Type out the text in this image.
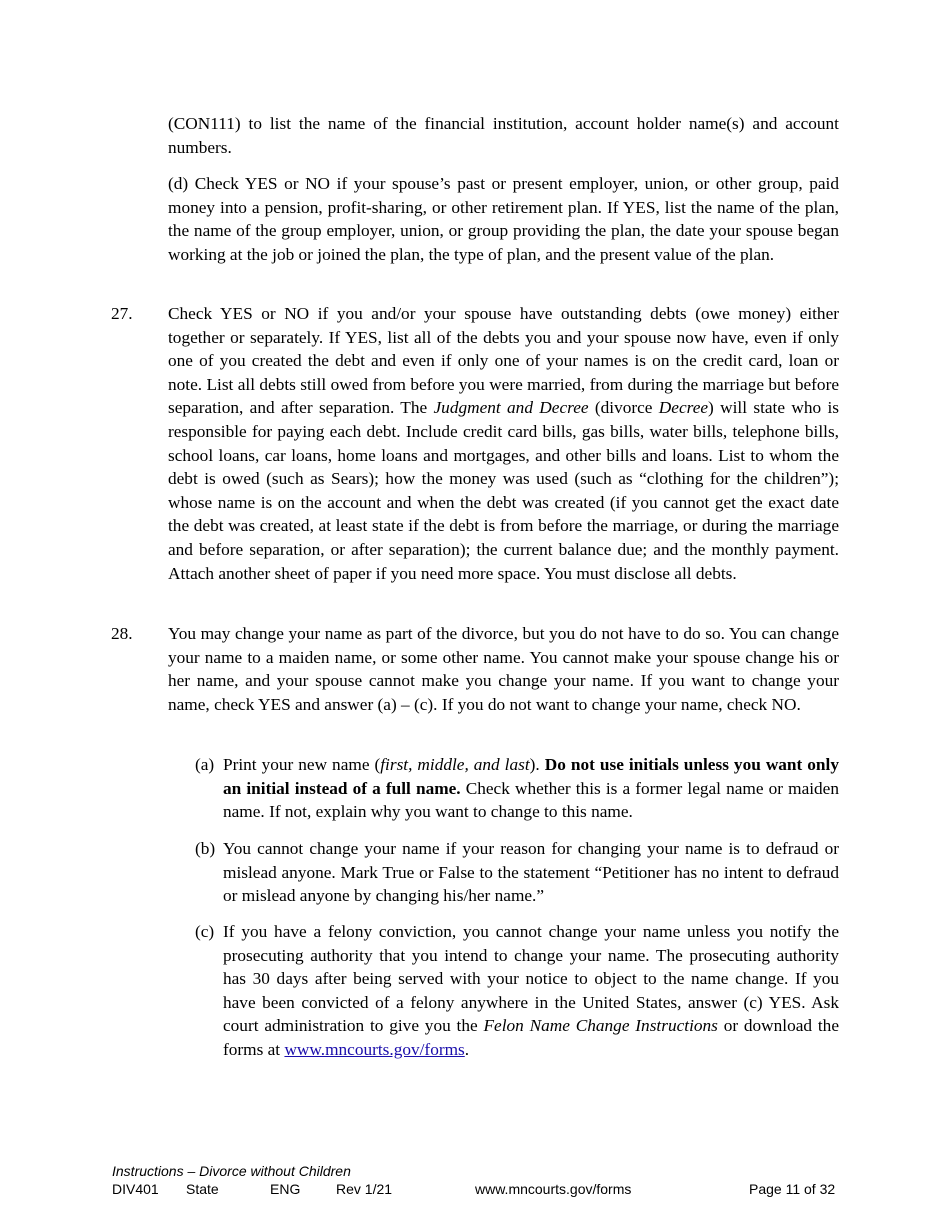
(CON111) to list the name of the financial institution, account holder name(s) and account numbers.

(d) Check YES or NO if your spouse’s past or present employer, union, or other group, paid money into a pension, profit-sharing, or other retirement plan. If YES, list the name of the plan, the name of the group employer, union, or group providing the plan, the date your spouse began working at the job or joined the plan, the type of plan, and the present value of the plan.

27. Check YES or NO if you and/or your spouse have outstanding debts (owe money) either together or separately. If YES, list all of the debts you and your spouse now have, even if only one of you created the debt and even if only one of your names is on the credit card, loan or note. List all debts still owed from before you were married, from during the marriage but before separation, and after separation. The Judgment and Decree (divorce Decree) will state who is responsible for paying each debt. Include credit card bills, gas bills, water bills, telephone bills, school loans, car loans, home loans and mortgages, and other bills and loans. List to whom the debt is owed (such as Sears); how the money was used (such as “clothing for the children”); whose name is on the account and when the debt was created (if you cannot get the exact date the debt was created, at least state if the debt is from before the marriage, or during the marriage and before separation, or after separation); the current balance due; and the monthly payment. Attach another sheet of paper if you need more space. You must disclose all debts.

28. You may change your name as part of the divorce, but you do not have to do so. You can change your name to a maiden name, or some other name. You cannot make your spouse change his or her name, and your spouse cannot make you change your name. If you want to change your name, check YES and answer (a) – (c). If you do not want to change your name, check NO.

(a) Print your new name (first, middle, and last). Do not use initials unless you want only an initial instead of a full name. Check whether this is a former legal name or maiden name. If not, explain why you want to change to this name.

(b) You cannot change your name if your reason for changing your name is to defraud or mislead anyone. Mark True or False to the statement “Petitioner has no intent to defraud or mislead anyone by changing his/her name.”

(c) If you have a felony conviction, you cannot change your name unless you notify the prosecuting authority that you intend to change your name. The prosecuting authority has 30 days after being served with your notice to object to the name change. If you have been convicted of a felony anywhere in the United States, answer (c) YES. Ask court administration to give you the Felon Name Change Instructions or download the forms at www.mncourts.gov/forms.

Instructions – Divorce without Children
DIV401 State	ENG	Rev 1/21	www.mncourts.gov/forms	Page 11 of 32
